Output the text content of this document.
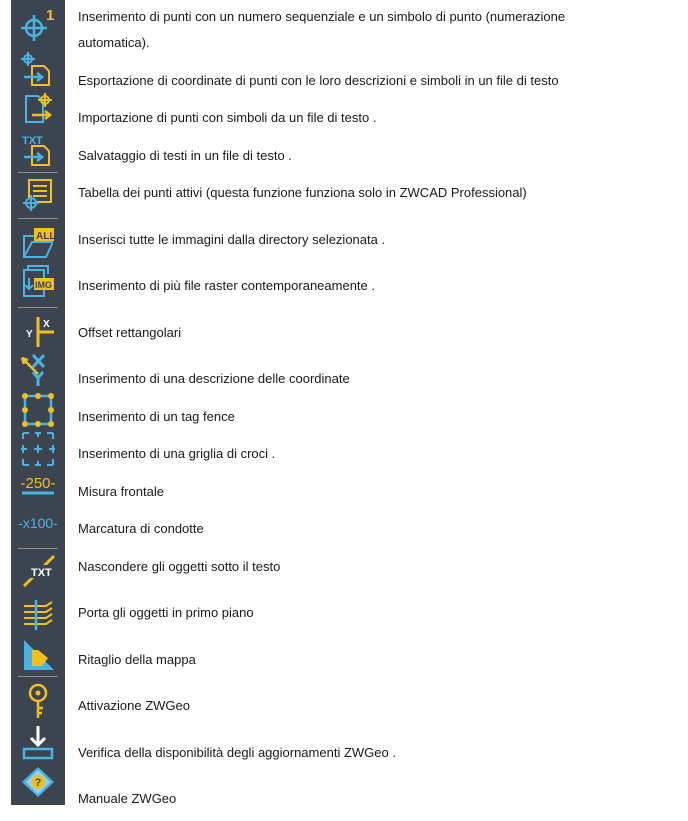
1
TXT
ALL
IMG
X
Y
-250-
-x100-
TXT
?
Inserimento di punti con un numero sequenziale e un simbolo di punto (numerazione automatica).
Esportazione di coordinate di punti con le loro descrizioni e simboli in un file di testo
Importazione di punti con simboli da un file di testo .
Salvataggio di testi in un file di testo .
Tabella dei punti attivi (questa funzione funziona solo in ZWCAD Professional)
Inserisci tutte le immagini dalla directory selezionata .
Inserimento di più file raster contemporaneamente .
Offset rettangolari
Inserimento di una descrizione delle coordinate
Inserimento di un tag fence
Inserimento di una griglia di croci .
Misura frontale
Marcatura di condotte
Nascondere gli oggetti sotto il testo
Porta gli oggetti in primo piano
Ritaglio della mappa
Attivazione ZWGeo
Verifica della disponibilità degli aggiornamenti ZWGeo .
Manuale ZWGeo
